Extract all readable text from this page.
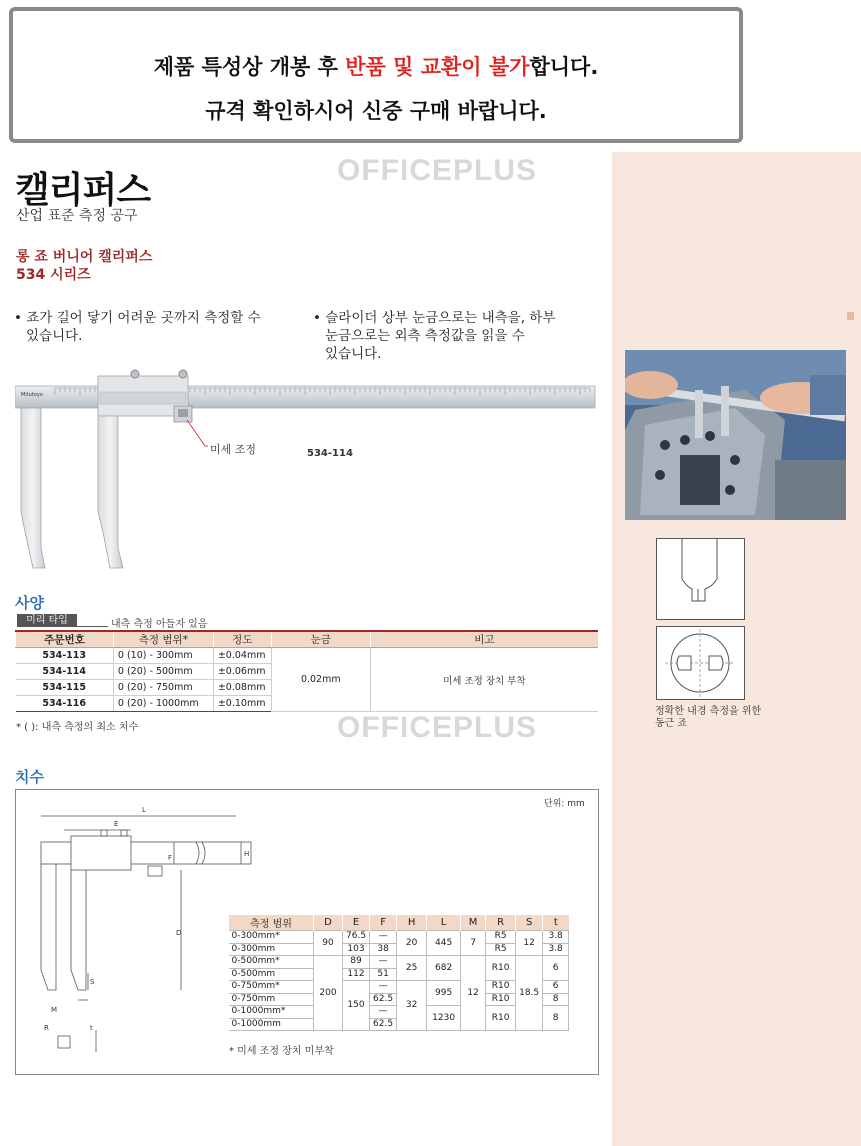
제품 특성상 개봉 후 반품 및 교환이 불가합니다.
규격 확인하시어 신중 구매 바랍니다.
정확한 내경 측정을 위한
동근 죠
OFFICEPLUS
OFFICEPLUS
캘리퍼스
산업 표준 측정 공구
롱 죠 버니어 캘리퍼스
534 시리즈
• 죠가 길어 닿기 어려운 곳까지 측정할 수
있습니다.
• 슬라이더 상부 눈금으로는 내측을, 하부
눈금으로는 외측 측정값을 읽을 수
있습니다.
Mitutoyo
미세 조정	534-114
사양
미리 타입	내측 측정 아들자 있음
주문번호	측정 범위*	정도	눈금	비고
534-113	0 (10) - 300mm	±0.04mm	0.02mm	미세 조정 장치 부착
534-114	0 (20) - 500mm	±0.06mm		
534-115	0 (20) - 750mm	±0.08mm		
534-116	0 (20) - 1000mm	±0.10mm		
* ( ): 내측 측정의 최소 치수
치수
L
E
H
F
D
S
M
R	t
단위: mm
측정 범위	D	E	F	H	L	M	R	S	t
0-300mm*	90	76.5	—	20	445	7	R5	12	3.8
0-300mm		103	38				R5		3.8
0-500mm*	200	89	—	25	682	12	R10	18.5	6
0-500mm		112	51						
0-750mm*		150	—	32	995		R10		6
0-750mm			62.5				R10		8
0-1000mm*			—		1230		R10		8
0-1000mm			62.5						
* 미세 조정 장치 미부착
